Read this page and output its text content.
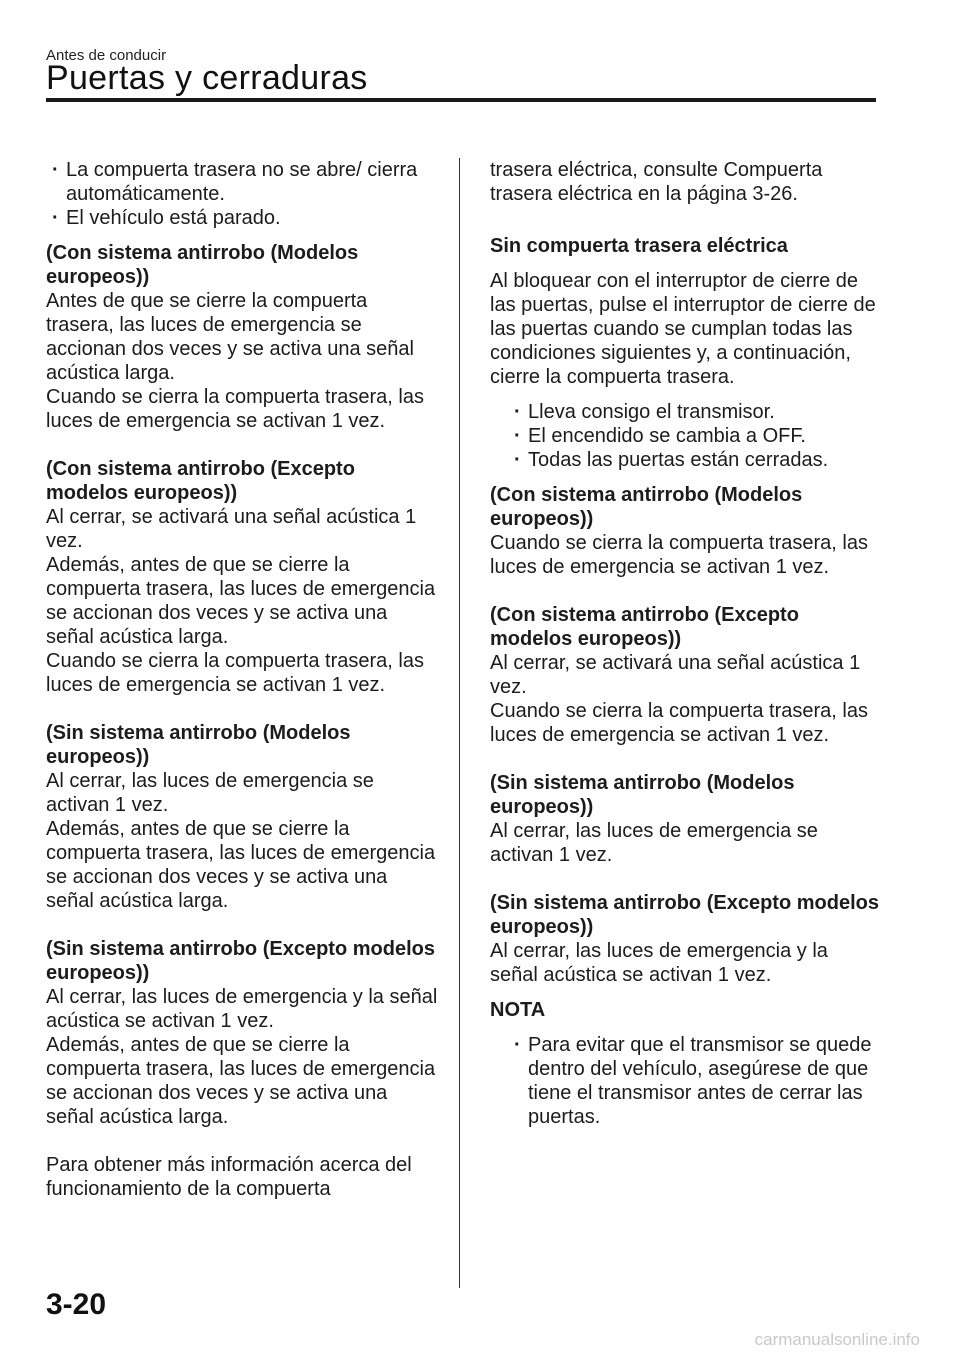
Antes de conducir
Puertas y cerraduras

· La compuerta trasera no se abre/ cierra automáticamente.

· El vehículo está parado.

(Con sistema antirrobo (Modelos europeos))

Antes de que se cierre la compuerta trasera, las luces de emergencia se accionan dos veces y se activa una señal acústica larga.

Cuando se cierra la compuerta trasera, las luces de emergencia se activan 1 vez.

(Con sistema antirrobo (Excepto modelos europeos))

Al cerrar, se activará una señal acústica 1 vez.

Además, antes de que se cierre la compuerta trasera, las luces de emergencia se accionan dos veces y se activa una señal acústica larga.

Cuando se cierra la compuerta trasera, las luces de emergencia se activan 1 vez.

(Sin sistema antirrobo (Modelos europeos))

Al cerrar, las luces de emergencia se activan 1 vez.

Además, antes de que se cierre la compuerta trasera, las luces de emergencia se accionan dos veces y se activa una señal acústica larga.

(Sin sistema antirrobo (Excepto modelos europeos))

Al cerrar, las luces de emergencia y la señal acústica se activan 1 vez.

Además, antes de que se cierre la compuerta trasera, las luces de emergencia se accionan dos veces y se activa una señal acústica larga.

Para obtener más información acerca del funcionamiento de la compuerta

trasera eléctrica, consulte Compuerta trasera eléctrica en la página 3-26.

Sin compuerta trasera eléctrica

Al bloquear con el interruptor de cierre de las puertas, pulse el interruptor de cierre de las puertas cuando se cumplan todas las condiciones siguientes y, a continuación, cierre la compuerta trasera.

· Lleva consigo el transmisor.

· El encendido se cambia a OFF.

· Todas las puertas están cerradas.

(Con sistema antirrobo (Modelos europeos))

Cuando se cierra la compuerta trasera, las luces de emergencia se activan 1 vez.

(Con sistema antirrobo (Excepto modelos europeos))

Al cerrar, se activará una señal acústica 1 vez.

Cuando se cierra la compuerta trasera, las luces de emergencia se activan 1 vez.

(Sin sistema antirrobo (Modelos europeos))

Al cerrar, las luces de emergencia se activan 1 vez.

(Sin sistema antirrobo (Excepto modelos europeos))

Al cerrar, las luces de emergencia y la señal acústica se activan 1 vez.

NOTA

· Para evitar que el transmisor se quede dentro del vehículo, asegúrese de que tiene el transmisor antes de cerrar las puertas.

3-20
carmanualsonline.info
